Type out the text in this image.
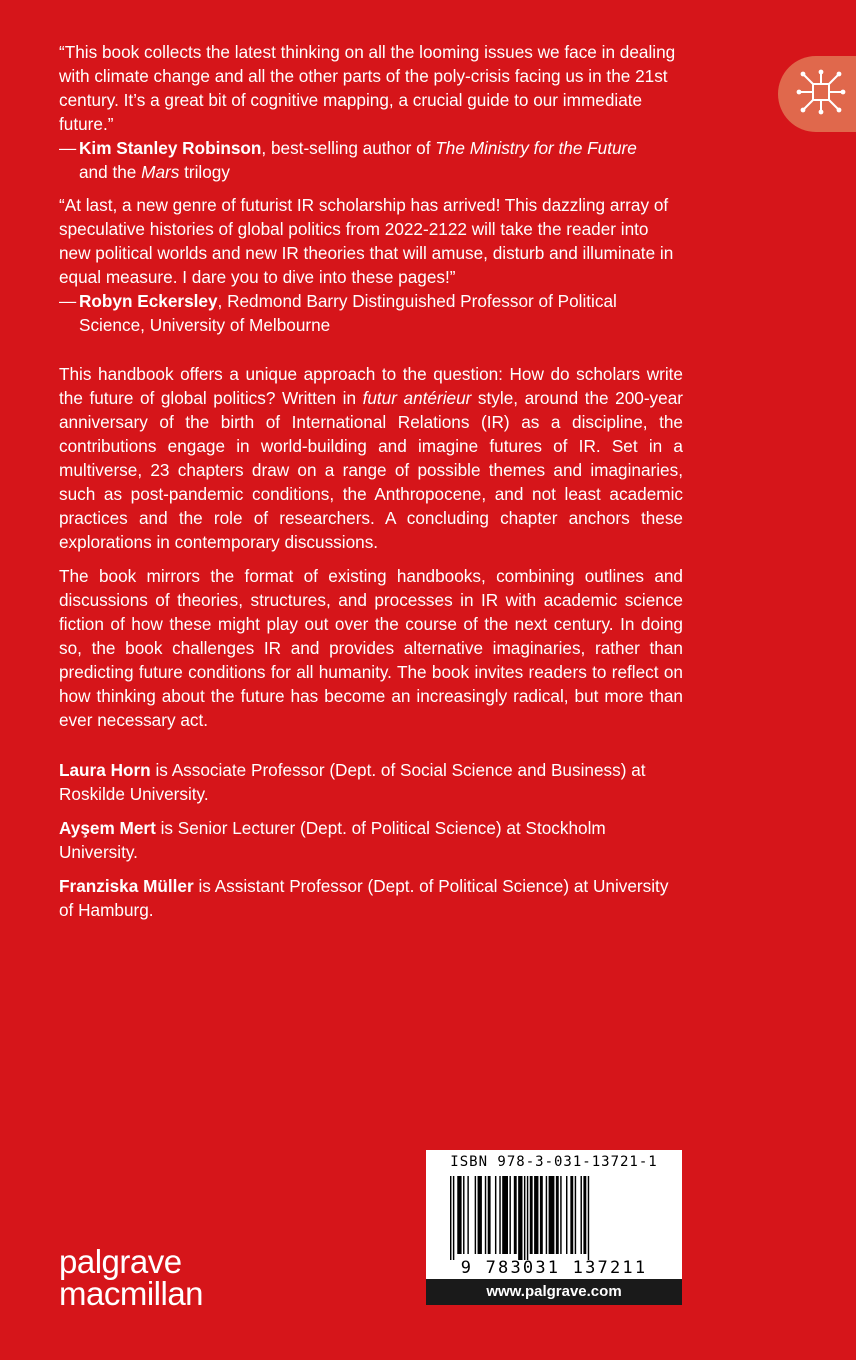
“This book collects the latest thinking on all the looming issues we face in dealing with climate change and all the other parts of the poly-crisis facing us in the 21st century. It’s a great bit of cognitive mapping, a crucial guide to our immediate future.”

— Kim Stanley Robinson, best-selling author of The Ministry for the Future
and the Mars trilogy

“At last, a new genre of futurist IR scholarship has arrived! This dazzling array of speculative histories of global politics from 2022-2122 will take the reader into new political worlds and new IR theories that will amuse, disturb and illuminate in equal measure. I dare you to dive into these pages!”

— Robyn Eckersley, Redmond Barry Distinguished Professor of Political
Science, University of Melbourne

This handbook offers a unique approach to the question: How do scholars write the future of global politics? Written in futur antérieur style, around the 200-year anniversary of the birth of International Relations (IR) as a discipline, the contributions engage in world-building and imagine futures of IR. Set in a multiverse, 23 chapters draw on a range of possible themes and imaginaries, such as post-pandemic conditions, the Anthropocene, and not least academic practices and the role of researchers. A concluding chapter anchors these explorations in contemporary discussions.

The book mirrors the format of existing handbooks, combining outlines and discussions of theories, structures, and processes in IR with academic science fiction of how these might play out over the course of the next century. In doing so, the book challenges IR and provides alternative imaginaries, rather than predicting future conditions for all humanity. The book invites readers to reflect on how thinking about the future has become an increasingly radical, but more than ever necessary act.

Laura Horn is Associate Professor (Dept. of Social Science and Business) at Roskilde University.

Ayşem Mert is Senior Lecturer (Dept. of Political Science) at Stockholm University.

Franziska Müller is Assistant Professor (Dept. of Political Science) at University of Hamburg.

palgrave
macmillan
ISBN 978-3-031-13721-1
9 783031 137211
www.palgrave.com
